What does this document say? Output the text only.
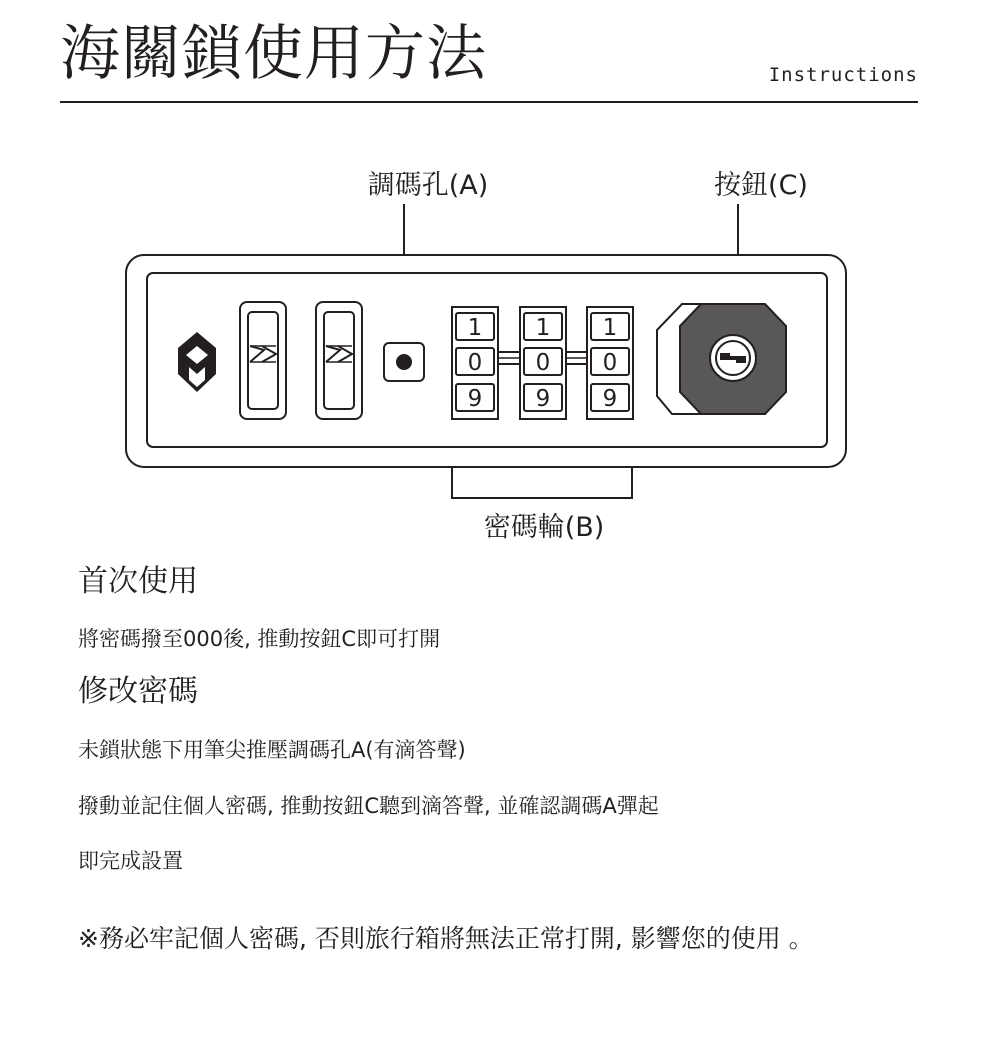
海關鎖使用方法	Instructions
調碼孔(A)	按鈕(C)
密碼輪(B)
1
0
9
1
0
9
1
0
9
首次使用

將密碼撥至000後, 推動按鈕C即可打開

修改密碼

未鎖狀態下用筆尖推壓調碼孔A(有滴答聲)

撥動並記住個人密碼, 推動按鈕C聽到滴答聲, 並確認調碼A彈起

即完成設置

※務必牢記個人密碼, 否則旅行箱將無法正常打開, 影響您的使用 。
